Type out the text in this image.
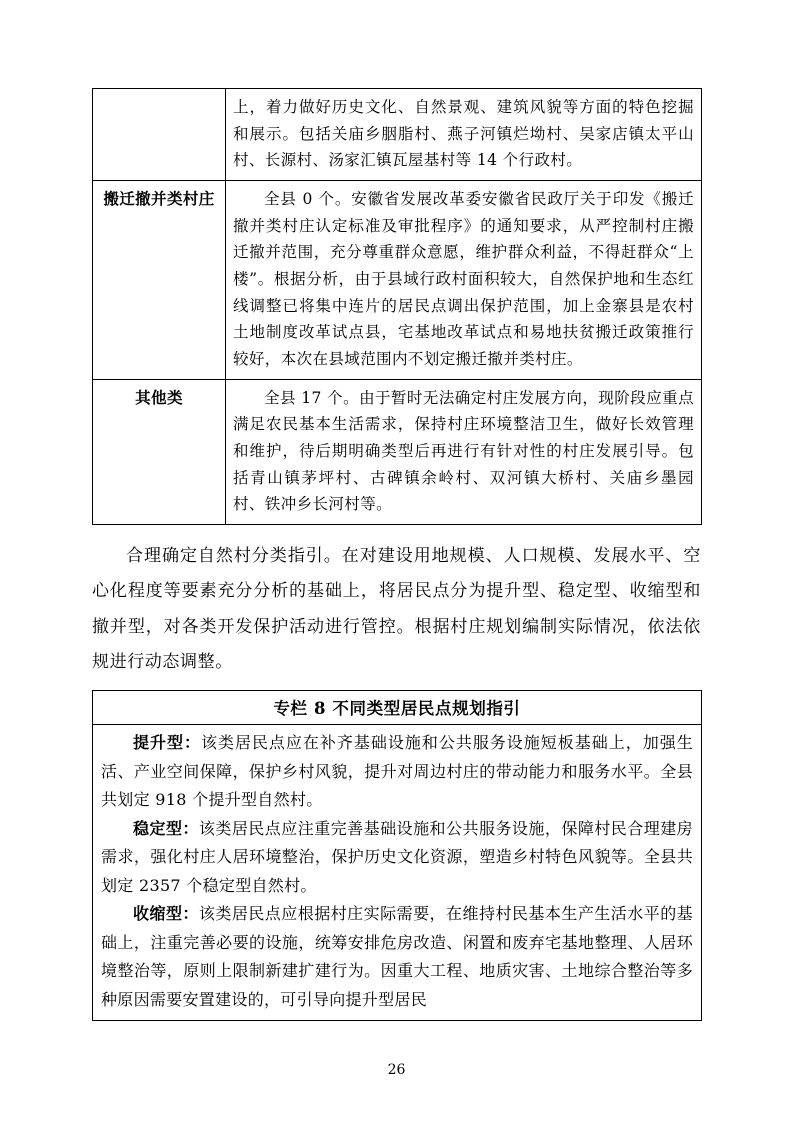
	上，着力做好历史文化、自然景观、建筑风貌等方面的特色挖掘和展示。包括关庙乡胭脂村、燕子河镇烂坳村、吴家店镇太平山村、长源村、汤家汇镇瓦屋基村等 14 个行政村。
搬迁撤并类村庄	全县 0 个。安徽省发展改革委安徽省民政厅关于印发《搬迁撤并类村庄认定标准及审批程序》的通知要求，从严控制村庄搬迁撤并范围，充分尊重群众意愿，维护群众利益，不得赶群众“上楼”。根据分析，由于县域行政村面积较大，自然保护地和生态红线调整已将集中连片的居民点调出保护范围，加上金寨县是农村土地制度改革试点县，宅基地改革试点和易地扶贫搬迁政策推行较好，本次在县域范围内不划定搬迁撤并类村庄。
其他类	全县 17 个。由于暂时无法确定村庄发展方向，现阶段应重点满足农民基本生活需求，保持村庄环境整洁卫生，做好长效管理和维护，待后期明确类型后再进行有针对性的村庄发展引导。包括青山镇茅坪村、古碑镇余岭村、双河镇大桥村、关庙乡墨园村、铁冲乡长河村等。

合理确定自然村分类指引。在对建设用地规模、人口规模、发展水平、空心化程度等要素充分分析的基础上，将居民点分为提升型、稳定型、收缩型和撤并型，对各类开发保护活动进行管控。根据村庄规划编制实际情况，依法依规进行动态调整。

专栏 8 不同类型居民点规划指引

提升型：该类居民点应在补齐基础设施和公共服务设施短板基础上，加强生活、产业空间保障，保护乡村风貌，提升对周边村庄的带动能力和服务水平。全县共划定 918 个提升型自然村。

稳定型：该类居民点应注重完善基础设施和公共服务设施，保障村民合理建房需求，强化村庄人居环境整治，保护历史文化资源，塑造乡村特色风貌等。全县共划定 2357 个稳定型自然村。

收缩型：该类居民点应根据村庄实际需要，在维持村民基本生产生活水平的基础上，注重完善必要的设施，统筹安排危房改造、闲置和废弃宅基地整理、人居环境整治等，原则上限制新建扩建行为。因重大工程、地质灾害、土地综合整治等多种原因需要安置建设的，可引导向提升型居民

26
